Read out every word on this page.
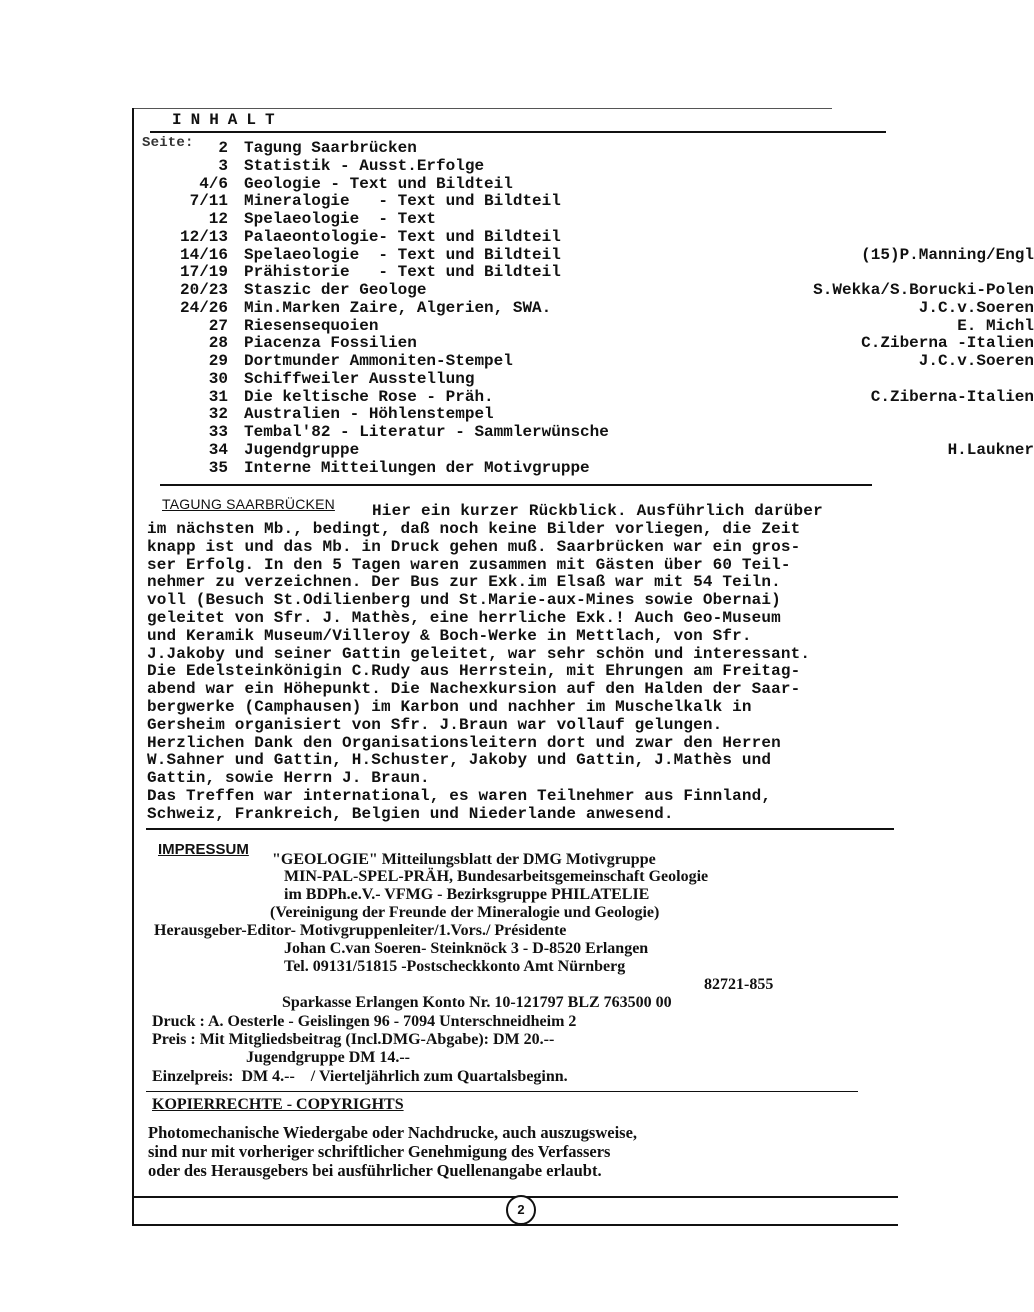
INHALT
Seite:	2 Tagung Saarbrücken
3 Statistik - Ausst.Erfolge
4/6 Geologie - Text und Bildteil
7/11 Mineralogie   - Text und Bildteil
12 Spelaeologie  - Text
12/13 Palaeontologie- Text und Bildteil
14/16 Spelaeologie  - Text und Bildteil	(15)P.Manning/Engl
17/19 Prähistorie   - Text und Bildteil
20/23 Staszic der Geologe	S.Wekka/S.Borucki-Polen
24/26 Min.Marken Zaire, Algerien, SWA.	J.C.v.Soeren
27 Riesensequoien	E. Michl
28 Piacenza Fossilien	C.Ziberna -Italien
29 Dortmunder Ammoniten-Stempel	J.C.v.Soeren
30 Schiffweiler Ausstellung
31 Die keltische Rose - Präh.	C.Ziberna-Italien
32 Australien - Höhlenstempel
33 Tembal'82 - Literatur - Sammlerwünsche
34 Jugendgruppe	H.Laukner
35 Interne Mitteilungen der Motivgruppe
TAGUNG SAARBRÜCKEN Hier ein kurzer Rückblick. Ausführlich darüber
im nächsten Mb., bedingt, daß noch keine Bilder vorliegen, die Zeit
knapp ist und das Mb. in Druck gehen muß. Saarbrücken war ein gros-
ser Erfolg. In den 5 Tagen waren zusammen mit Gästen über 60 Teil-
nehmer zu verzeichnen. Der Bus zur Exk.im Elsaß war mit 54 Teiln.
voll (Besuch St.Odilienberg und St.Marie-aux-Mines sowie Obernai)
geleitet von Sfr. J. Mathès, eine herrliche Exk.! Auch Geo-Museum
und Keramik Museum/Villeroy & Boch-Werke in Mettlach, von Sfr.
J.Jakoby und seiner Gattin geleitet, war sehr schön und interessant.
Die Edelsteinkönigin C.Rudy aus Herrstein, mit Ehrungen am Freitag-
abend war ein Höhepunkt. Die Nachexkursion auf den Halden der Saar-
bergwerke (Camphausen) im Karbon und nachher im Muschelkalk in
Gersheim organisiert von Sfr. J.Braun war vollauf gelungen.
Herzlichen Dank den Organisationsleitern dort und zwar den Herren
W.Sahner und Gattin, H.Schuster, Jakoby und Gattin, J.Mathès und
Gattin, sowie Herrn J. Braun.
Das Treffen war international, es waren Teilnehmer aus Finnland,
Schweiz, Frankreich, Belgien und Niederlande anwesend.
IMPRESSUM
"GEOLOGIE" Mitteilungsblatt der DMG Motivgruppe
MIN-PAL-SPEL-PRÄH, Bundesarbeitsgemeinschaft Geologie
im BDPh.e.V.- VFMG - Bezirksgruppe PHILATELIE
(Vereinigung der Freunde der Mineralogie und Geologie)
Herausgeber-Editor- Motivgruppenleiter/1.Vors./ Présidente
Johan C.van Soeren- Steinknöck 3 - D-8520 Erlangen
Tel. 09131/51815 -Postscheckkonto Amt Nürnberg
82721-855
Sparkasse Erlangen Konto Nr. 10-121797 BLZ 763500 00
Druck : A. Oesterle - Geislingen 96 - 7094 Unterschneidheim 2
Preis : Mit Mitgliedsbeitrag (Incl.DMG-Abgabe): DM 20.--
Jugendgruppe DM 14.--
Einzelpreis:  DM 4.--    / Vierteljährlich zum Quartalsbeginn.
KOPIERRECHTE - COPYRIGHTS
Photomechanische Wiedergabe oder Nachdrucke, auch auszugsweise,
sind nur mit vorheriger schriftlicher Genehmigung des Verfassers
oder des Herausgebers bei ausführlicher Quellenangabe erlaubt.
2
